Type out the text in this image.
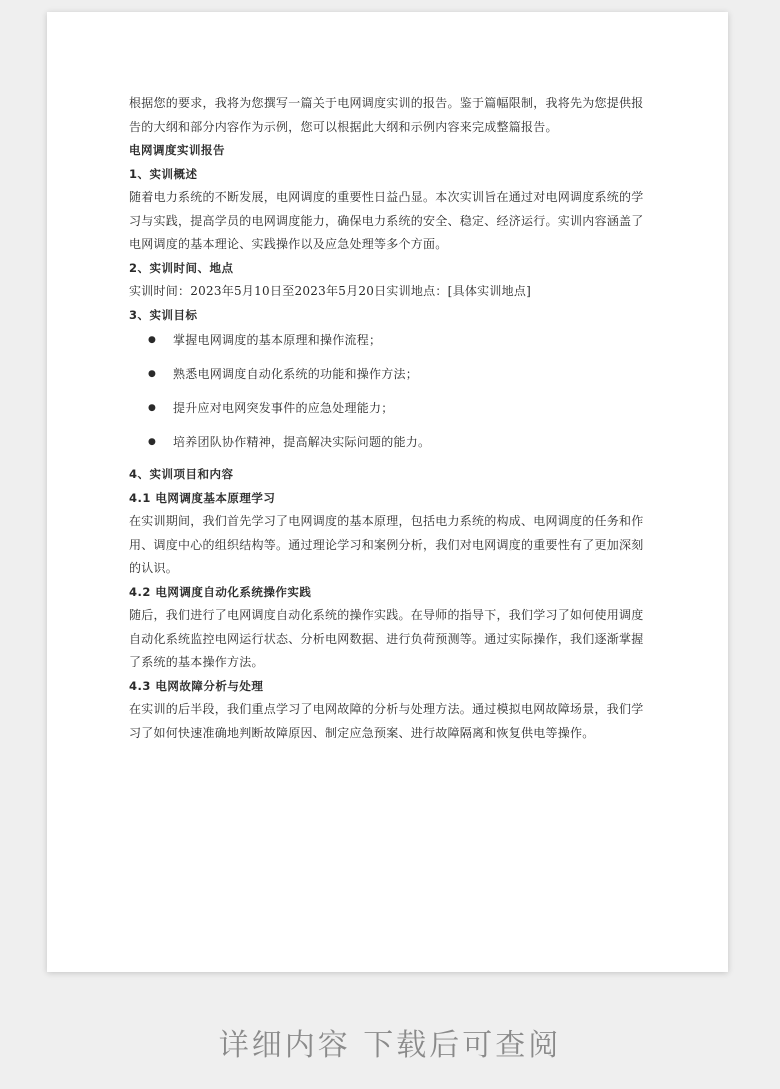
根据您的要求，我将为您撰写一篇关于电网调度实训的报告。鉴于篇幅限制，我将先为您提供报告的大纲和部分内容作为示例，您可以根据此大纲和示例内容来完成整篇报告。

电网调度实训报告

1、实训概述

随着电力系统的不断发展，电网调度的重要性日益凸显。本次实训旨在通过对电网调度系统的学习与实践，提高学员的电网调度能力，确保电力系统的安全、稳定、经济运行。实训内容涵盖了电网调度的基本理论、实践操作以及应急处理等多个方面。

2、实训时间、地点

实训时间：2023年5月10日至2023年5月20日实训地点：[具体实训地点]

3、实训目标

● 掌握电网调度的基本原理和操作流程；
● 熟悉电网调度自动化系统的功能和操作方法；
● 提升应对电网突发事件的应急处理能力；
● 培养团队协作精神，提高解决实际问题的能力。

4、实训项目和内容

4.1 电网调度基本原理学习

在实训期间，我们首先学习了电网调度的基本原理，包括电力系统的构成、电网调度的任务和作用、调度中心的组织结构等。通过理论学习和案例分析，我们对电网调度的重要性有了更加深刻的认识。

4.2 电网调度自动化系统操作实践

随后，我们进行了电网调度自动化系统的操作实践。在导师的指导下，我们学习了如何使用调度自动化系统监控电网运行状态、分析电网数据、进行负荷预测等。通过实际操作，我们逐渐掌握了系统的基本操作方法。

4.3 电网故障分析与处理

在实训的后半段，我们重点学习了电网故障的分析与处理方法。通过模拟电网故障场景，我们学习了如何快速准确地判断故障原因、制定应急预案、进行故障隔离和恢复供电等操作。

详细内容 下载后可查阅
